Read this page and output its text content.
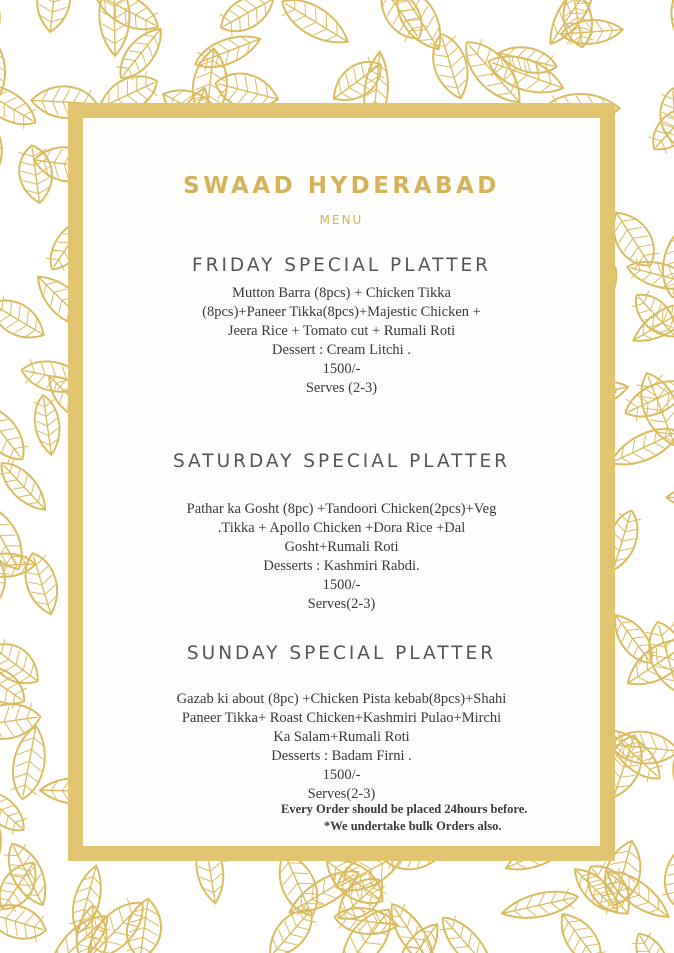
SWAAD HYDERABAD
MENU
FRIDAY SPECIAL PLATTER
Mutton Barra (8pcs) + Chicken Tikka
(8pcs)+Paneer Tikka(8pcs)+Majestic Chicken +
Jeera Rice + Tomato cut + Rumali Roti
Dessert : Cream Litchi .
1500/-
Serves (2-3)
SATURDAY SPECIAL PLATTER
Pathar ka Gosht (8pc) +Tandoori Chicken(2pcs)+Veg
.Tikka + Apollo Chicken +Dora Rice +Dal
Gosht+Rumali Roti
Desserts : Kashmiri Rabdi.
1500/-
Serves(2-3)
SUNDAY SPECIAL PLATTER
Gazab ki about (8pc) +Chicken Pista kebab(8pcs)+Shahi
Paneer Tikka+ Roast Chicken+Kashmiri Pulao+Mirchi
Ka Salam+Rumali Roti
Desserts : Badam Firni .
1500/-
Serves(2-3)

Every Order should be placed 24hours before.

*We undertake bulk Orders also.
